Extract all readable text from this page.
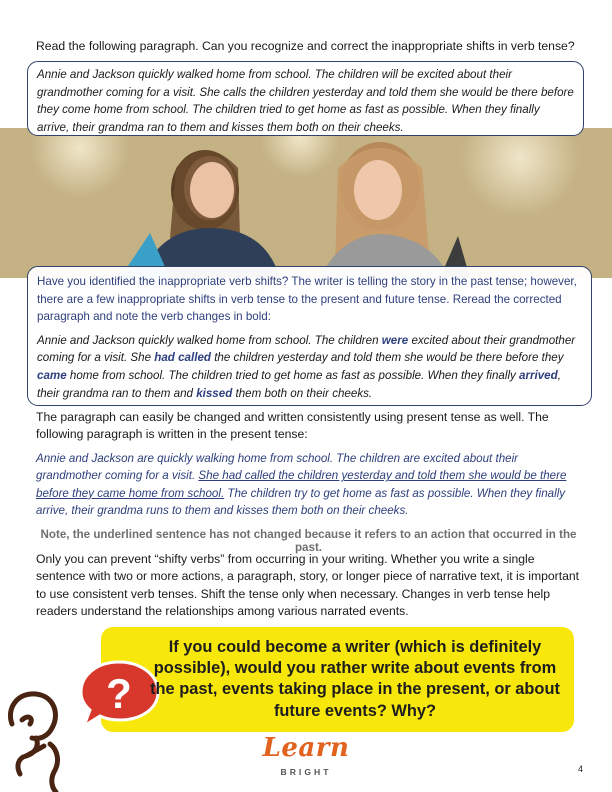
Read the following paragraph. Can you recognize and correct the inappropriate shifts in verb tense?
Annie and Jackson quickly walked home from school. The children will be excited about their grandmother coming for a visit. She calls the children yesterday and told them she would be there before they come home from school. The children tried to get home as fast as possible. When they finally arrive, their grandma ran to them and kisses them both on their cheeks.
Have you identified the inappropriate verb shifts? The writer is telling the story in the past tense; however, there are a few inappropriate shifts in verb tense to the present and future tense. Reread the corrected paragraph and note the verb changes in bold:
Annie and Jackson quickly walked home from school. The children were excited about their grandmother coming for a visit. She had called the children yesterday and told them she would be there before they came home from school. The children tried to get home as fast as possible. When they finally arrived, their grandma ran to them and kissed them both on their cheeks.
The paragraph can easily be changed and written consistently using present tense as well. The following paragraph is written in the present tense:
Annie and Jackson are quickly walking home from school. The children are excited about their grandmother coming for a visit. She had called the children yesterday and told them she would be there before they came home from school. The children try to get home as fast as possible. When they finally arrive, their grandma runs to them and kisses them both on their cheeks.
Note, the underlined sentence has not changed because it refers to an action that occurred in the past.
Only you can prevent “shifty verbs” from occurring in your writing. Whether you write a single sentence with two or more actions, a paragraph, story, or longer piece of narrative text, it is important to use consistent verb tenses. Shift the tense only when necessary. Changes in verb tense help readers understand the relationships among various narrated events.
If you could become a writer (which is definitely possible), would you rather write about events from the past, events taking place in the present, or about future events? Why?
?
Learn
BRIGHT	4
